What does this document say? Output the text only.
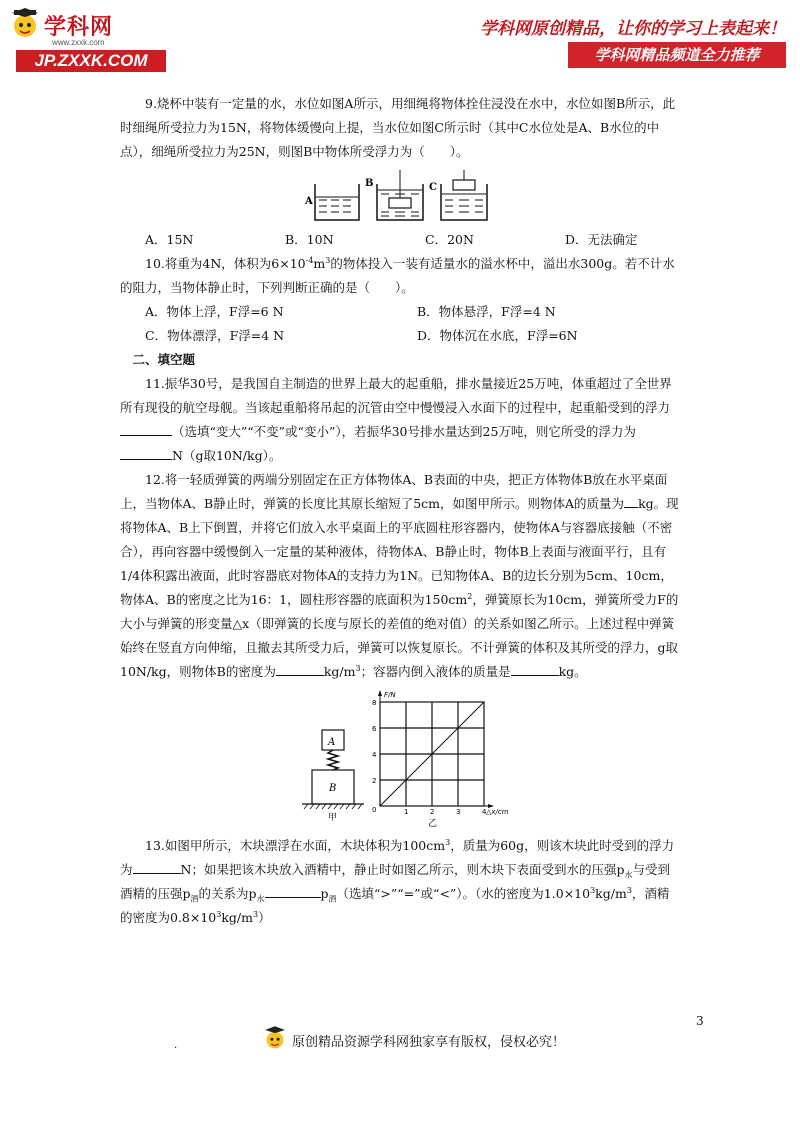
学科网
www.zxxk.com
JP.ZXXK.COM
学科网原创精品，让你的学习上表起来！
学科网精品频道全力推荐

9.烧杯中装有一定量的水，水位如图A所示，用细绳将物体拴住浸没在水中，水位如图B所示，此时细绳所受拉力为15N，将物体缓慢向上提，当水位如图C所示时（其中C水位处是A、B水位的中点），细绳所受拉力为25N，则图B中物体所受浮力为（　　）。

A
B	C

A．15N	B．10N	C．20N	D．无法确定

10.将重为4N，体积为$6\times 10^{-4}m^3$的物体投入一装有适量水的溢水杯中，溢出水300g。若不计水的阻力，当物体静止时，下列判断正确的是（　　）。

A．物体上浮，F浮=6 N	B．物体悬浮，F浮=4 N

C．物体漂浮，F浮=4 N	D．物体沉在水底，F浮=6N

二、填空题

11.振华30号，是我国自主制造的世界上最大的起重船，排水量接近25万吨，体重超过了全世界所有现役的航空母舰。当该起重船将吊起的沉管由空中慢慢浸入水面下的过程中，起重船受到的浮力（选填“变大”“不变”或“变小”），若振华30号排水量达到25万吨，则它所受的浮力为N（g取10N/kg）。

12.将一轻质弹簧的两端分别固定在正方体物体A、B表面的中央，把正方体物体B放在水平桌面上，当物体A、B静止时，弹簧的长度比其原长缩短了5cm，如图甲所示。则物体A的质量为 kg。现将物体A、B上下倒置，并将它们放入水平桌面上的平底圆柱形容器内，使物体A与容器底接触（不密合），再向容器中缓慢倒入一定量的某种液体，待物体A、B静止时，物体B上表面与液面平行，且有1/4体积露出液面，此时容器底对物体A的支持力为1N。已知物体A、B的边长分别为5cm、10cm，物体A、B的密度之比为16：1，圆柱形容器的底面积为$150cm^2$，弹簧原长为10cm，弹簧所受力F的大小与弹簧的形变量△x（即弹簧的长度与原长的差值的绝对值）的关系如图乙所示。上述过程中弹簧始终在竖直方向伸缩，且撤去其所受力后，弹簧可以恢复原长。不计弹簧的体积及其所受的浮力，g取10N/kg，则物体B的密度为	$kg/m^3$；容器内倒入液体的质量是	kg。

A
B
甲
F/N
2
4
6
8
0	1	2	3	4 △x/cm
乙

13.如图甲所示，木块漂浮在水面，木块体积为$100cm^3$，质量为60g，则该木块此时受到的浮力为	N；如果把该木块放入酒精中，静止时如图乙所示，则木块下表面受到水的压强$p_水$与受到酒精的压强$p_酒$的关系为$p_水$	$p_酒$（选填“>”“=”或“<”）。（水的密度为$1.0\times 10^3kg/m^3$，酒精的密度为$0.8\times 10^3kg/m^3$）

3
.	原创精品资源学科网独家享有版权，侵权必究！
